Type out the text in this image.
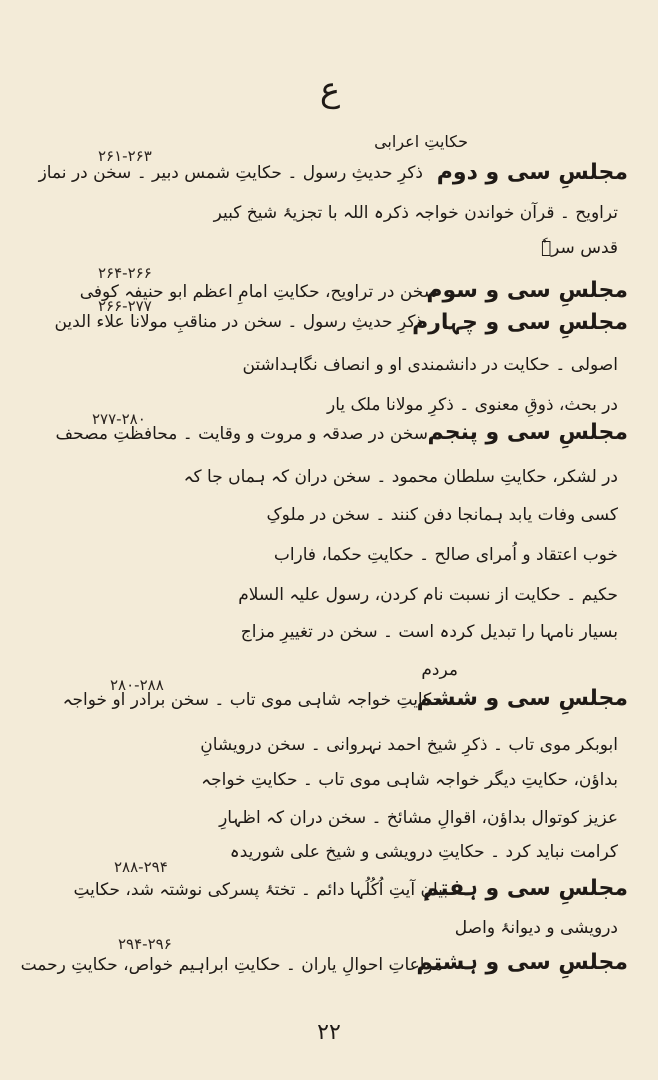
ع
۲۶۱-۲۶۳
حکایتِ اعرابی
مجلسِ سی و دوم
ذکرِ حدیثِ رسول ۔ حکایتِ شمس دبیر ۔ سخن در نماز
تراویح ۔ قرآن خواندن خواجہ ذکرہ اللہ با تجزیۂ شیخ کبیر
قدس سرہٗ
۲۶۴-۲۶۶
مجلسِ سی و سوم
سخن در تراویح، حکایتِ امامِ اعظم ابو حنیفہ کوفی
۲۶۶-۲۷۷
مجلسِ سی و چہارم
ذکرِ حدیثِ رسول ۔ سخن در مناقبِ مولانا علاء الدین
اصولی ۔ حکایت در دانشمندی او و انصاف نگاہداشتن
در بحث، ذوقِ معنوی ۔ ذکرِ مولانا ملک یار
۲۷۷-۲۸۰
مجلسِ سی و پنجم
سخن در صدقہ و مروت و وقایت ۔ محافظتِ مصحف
در لشکر، حکایتِ سلطان محمود ۔ سخن دران کہ ہماں جا کہ
کسی وفات یابد ہمانجا دفن کنند ۔ سخن در ملوکِ
خوب اعتقاد و اُمرای صالح ۔ حکایتِ حکما، فاراب
حکیم ۔ حکایت از نسبت نام کردن، رسول علیہ السلام
بسیار نامہا را تبدیل کردہ است ۔ سخن در تغییرِ مزاج
مردم
۲۸۰-۲۸۸
مجلسِ سی و ششم
حکایتِ خواجہ شاہی موی تاب ۔ سخن برادر او خواجہ
ابوبکر موی تاب ۔ ذکرِ شیخ احمد نہروانی ۔ سخن درویشانِ
بداؤن، حکایتِ دیگر خواجہ شاہی موی تاب ۔ حکایتِ خواجہ
عزیز کوتوال بداؤن، اقوالِ مشائخ ۔ سخن دران کہ اظہارِ
کرامت نباید کرد ۔ حکایتِ درویشی و شیخ علی شوریدہ
۲۸۸-۲۹۴
مجلسِ سی و ہفتم
بیانِ آیتِ اُکُلُہا دائم ۔ تختۂ پسرکی نوشتہ شد، حکایتِ
درویشی و دیوانۂ واصل
۲۹۴-۲۹۶
مجلسِ سی و ہشتم
مراعاتِ احوالِ یاران ۔ حکایتِ ابراہیم خواص، حکایتِ رحمت
۲۲
